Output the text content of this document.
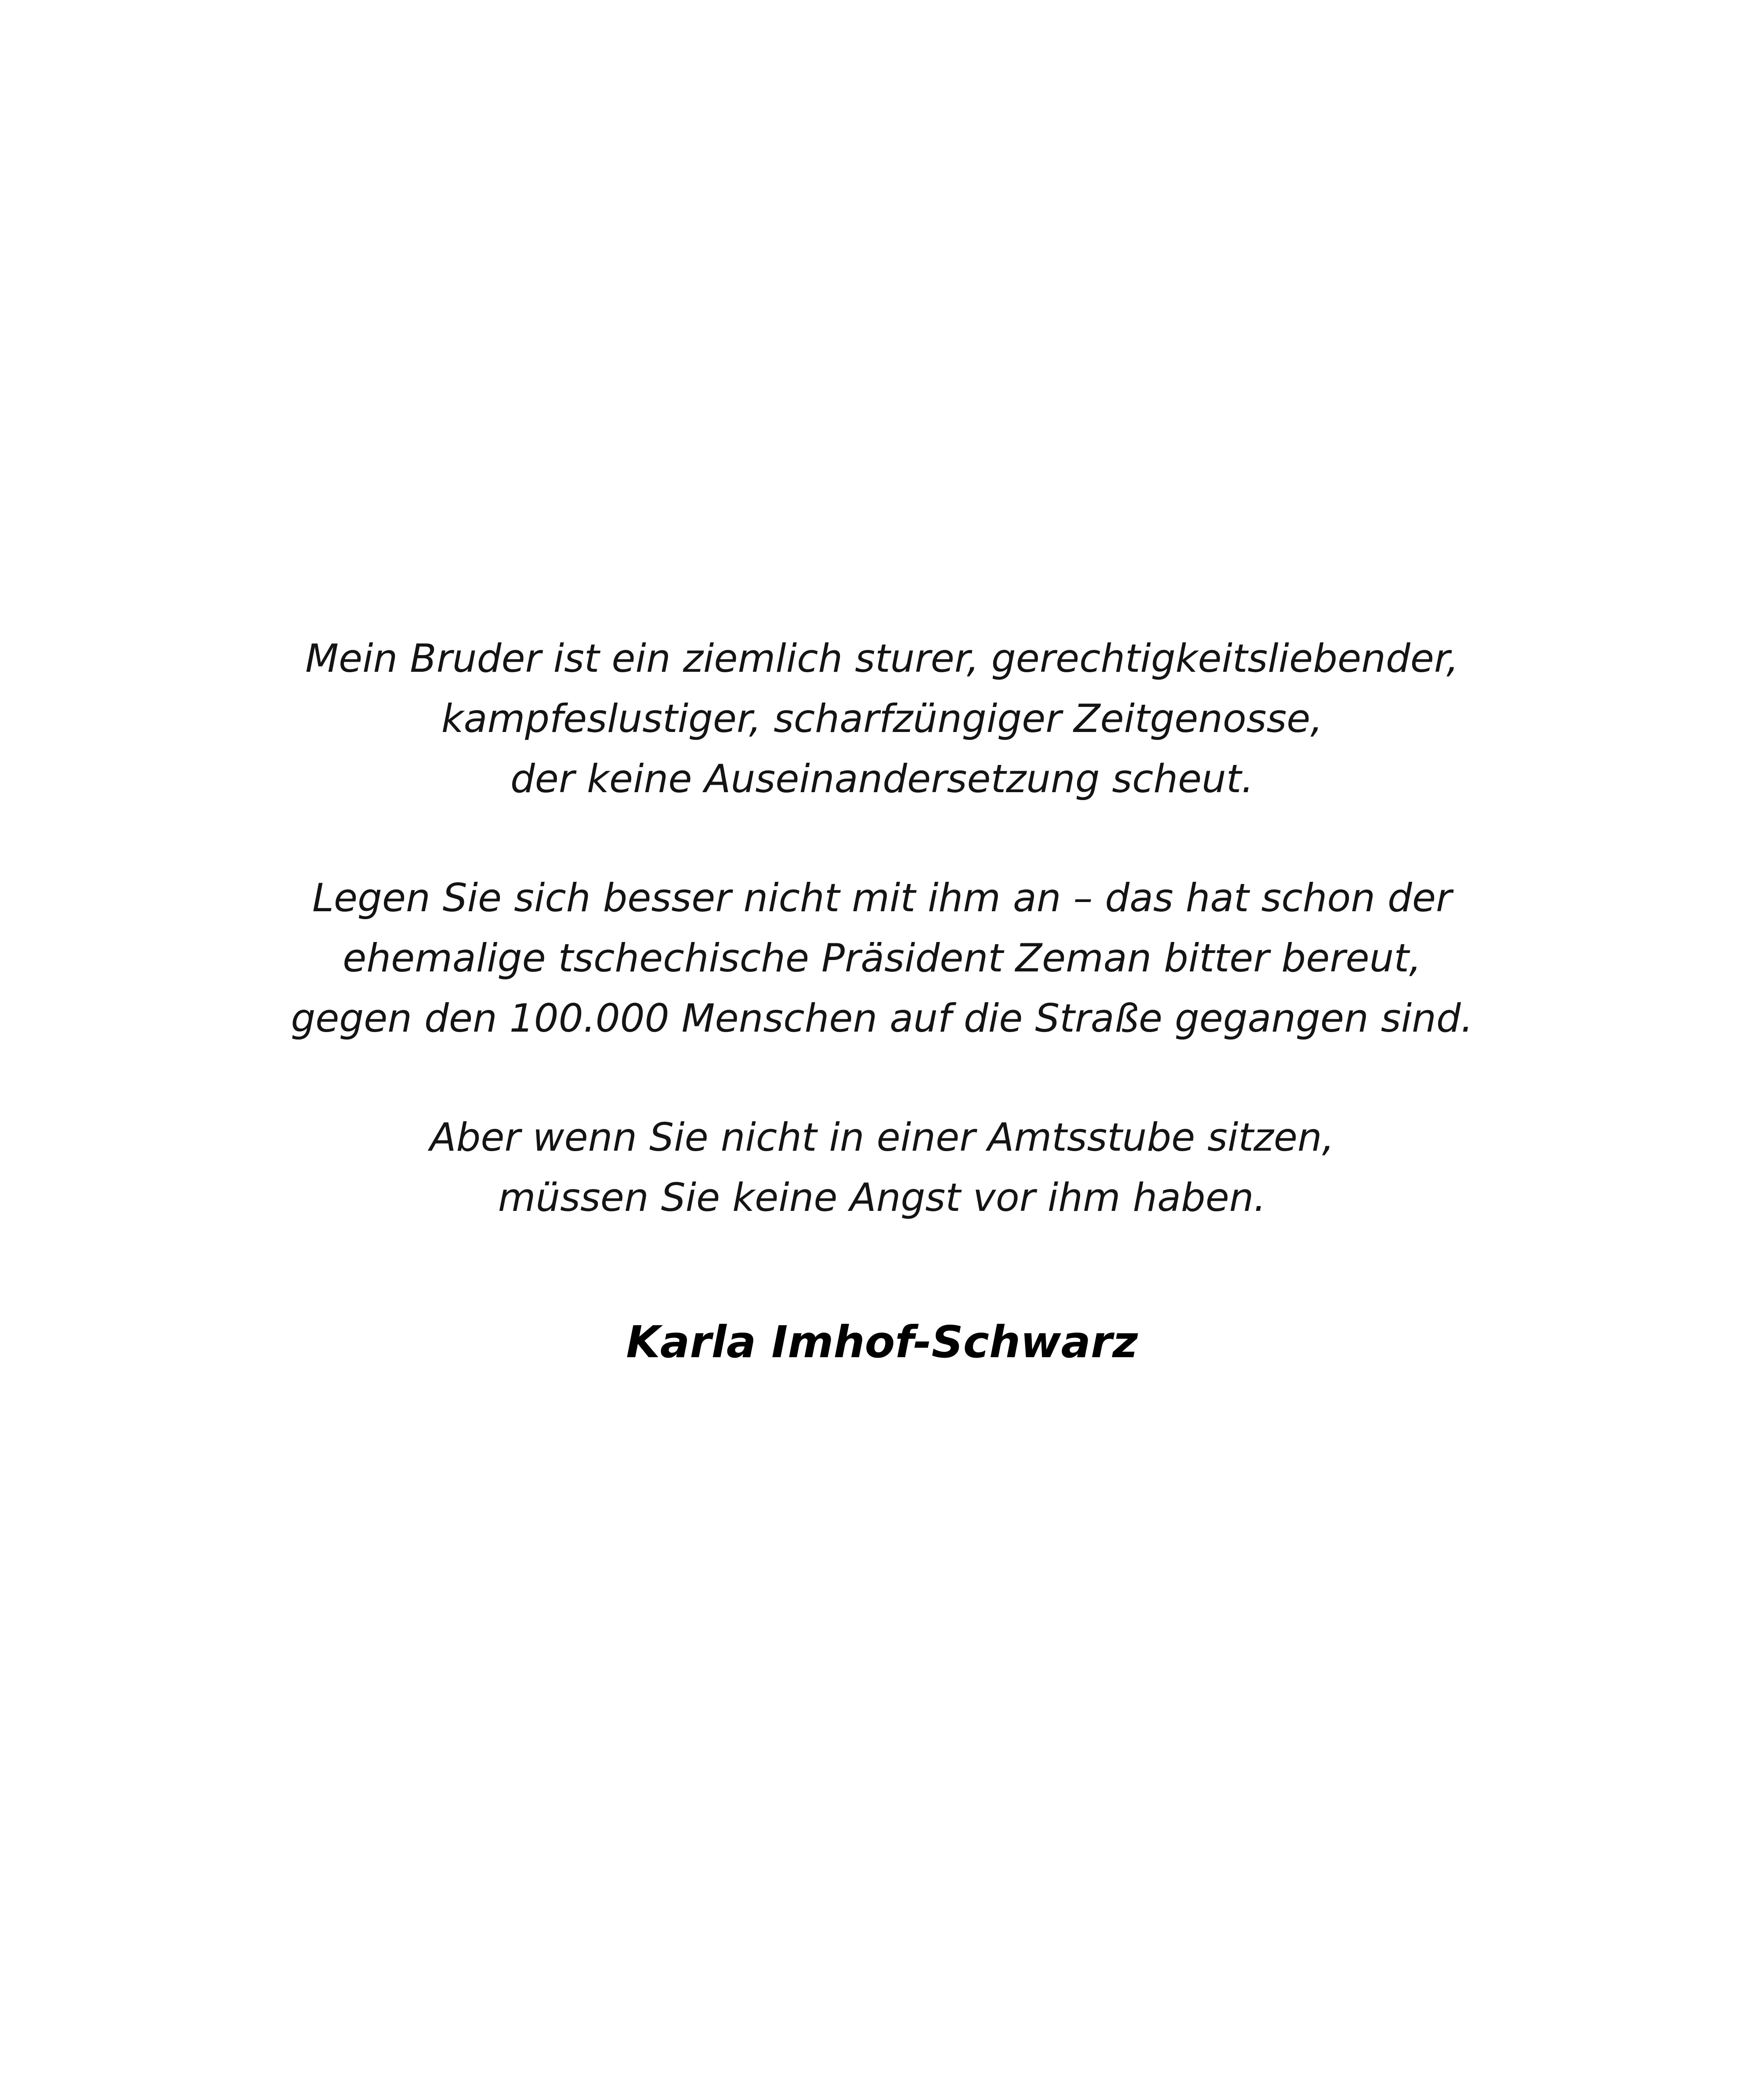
Mein Bruder ist ein ziemlich sturer, gerechtigkeitsliebender,
kampfeslustiger, scharfzüngiger Zeitgenosse,
der keine Auseinandersetzung scheut.
Legen Sie sich besser nicht mit ihm an – das hat schon der
ehemalige tschechische Präsident Zeman bitter bereut,
gegen den 100.000 Menschen auf die Straße gegangen sind.
Aber wenn Sie nicht in einer Amtsstube sitzen,
müssen Sie keine Angst vor ihm haben.
Karla Imhof-Schwarz
